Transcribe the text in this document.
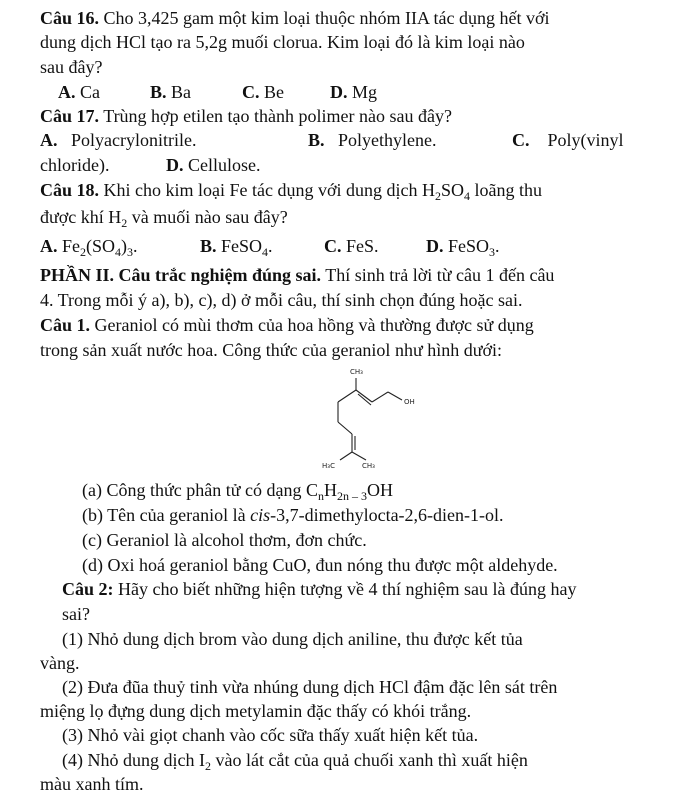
Câu 16. Cho 3,425 gam một kim loại thuộc nhóm IIA tác dụng hết với
dung dịch HCl tạo ra 5,2g muối clorua. Kim loại đó là kim loại nào
sau đây?
A. Ca	B. Ba	C. Be	D. Mg
Câu 17. Trùng hợp etilen tạo thành polimer nào sau đây?
A. Polyacrylonitrile.	B. Polyethylene.	C. Poly(vinyl
chloride).	D. Cellulose.
Câu 18. Khi cho kim loại Fe tác dụng với dung dịch $H_2SO_4$ loãng thu
được khí $H_2$ và muối nào sau đây?
A. $Fe_2(SO_4)_3$.	B. FeSO$_4$.	C. FeS.	D. FeSO$_3$.
PHẦN II. Câu trắc nghiệm đúng sai. Thí sinh trả lời từ câu 1 đến câu
4. Trong mỗi ý a), b), c), d) ở mỗi câu, thí sinh chọn đúng hoặc sai.
Câu 1. Geraniol có mùi thơm của hoa hồng và thường được sử dụng
trong sản xuất nước hoa. Công thức của geraniol như hình dưới:
CH₃
OH
H₃C	CH₃
(a) Công thức phân tử có dạng $C_nH_{2n - 3}OH$
(b) Tên của geraniol là cis-3,7-dimethylocta-2,6-dien-1-ol.
(c) Geraniol là alcohol thơm, đơn chức.
(d) Oxi hoá geraniol bằng CuO, đun nóng thu được một aldehyde.
Câu 2: Hãy cho biết những hiện tượng về 4 thí nghiệm sau là đúng hay
sai?
(1) Nhỏ dung dịch brom vào dung dịch aniline, thu được kết tủa
vàng.
(2) Đưa đũa thuỷ tinh vừa nhúng dung dịch HCl đậm đặc lên sát trên
miệng lọ đựng dung dịch metylamin đặc thấy có khói trắng.
(3) Nhỏ vài giọt chanh vào cốc sữa thấy xuất hiện kết tủa.
(4) Nhỏ dung dịch $I_2$ vào lát cắt của quả chuối xanh thì xuất hiện
màu xanh tím.
